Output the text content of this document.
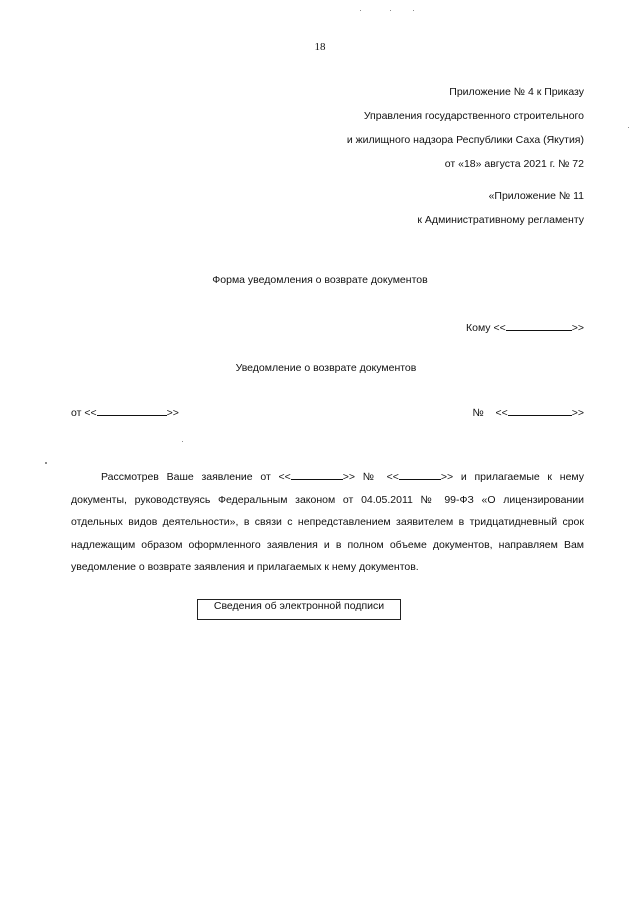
18
Приложение № 4 к Приказу
Управления государственного строительного
и жилищного надзора Республики Саха (Якутия)
от «18» августа 2021 г. № 72
«Приложение № 11
к Административному регламенту
Форма уведомления о возврате документов
Кому <<	>>
Уведомление о возврате документов
от <<	>>	№    <<	>>
Рассмотрев Ваше заявление от <<	>> № <<	>> и прилагаемые к нему документы, руководствуясь Федеральным законом от 04.05.2011 № 99-ФЗ «О лицензировании отдельных видов деятельности», в связи с непредставлением заявителем в тридцатидневный срок надлежащим образом оформленного заявления и в полном объеме документов, направляем Вам уведомление о возврате заявления и прилагаемых к нему документов.
Сведения об электронной подписи
